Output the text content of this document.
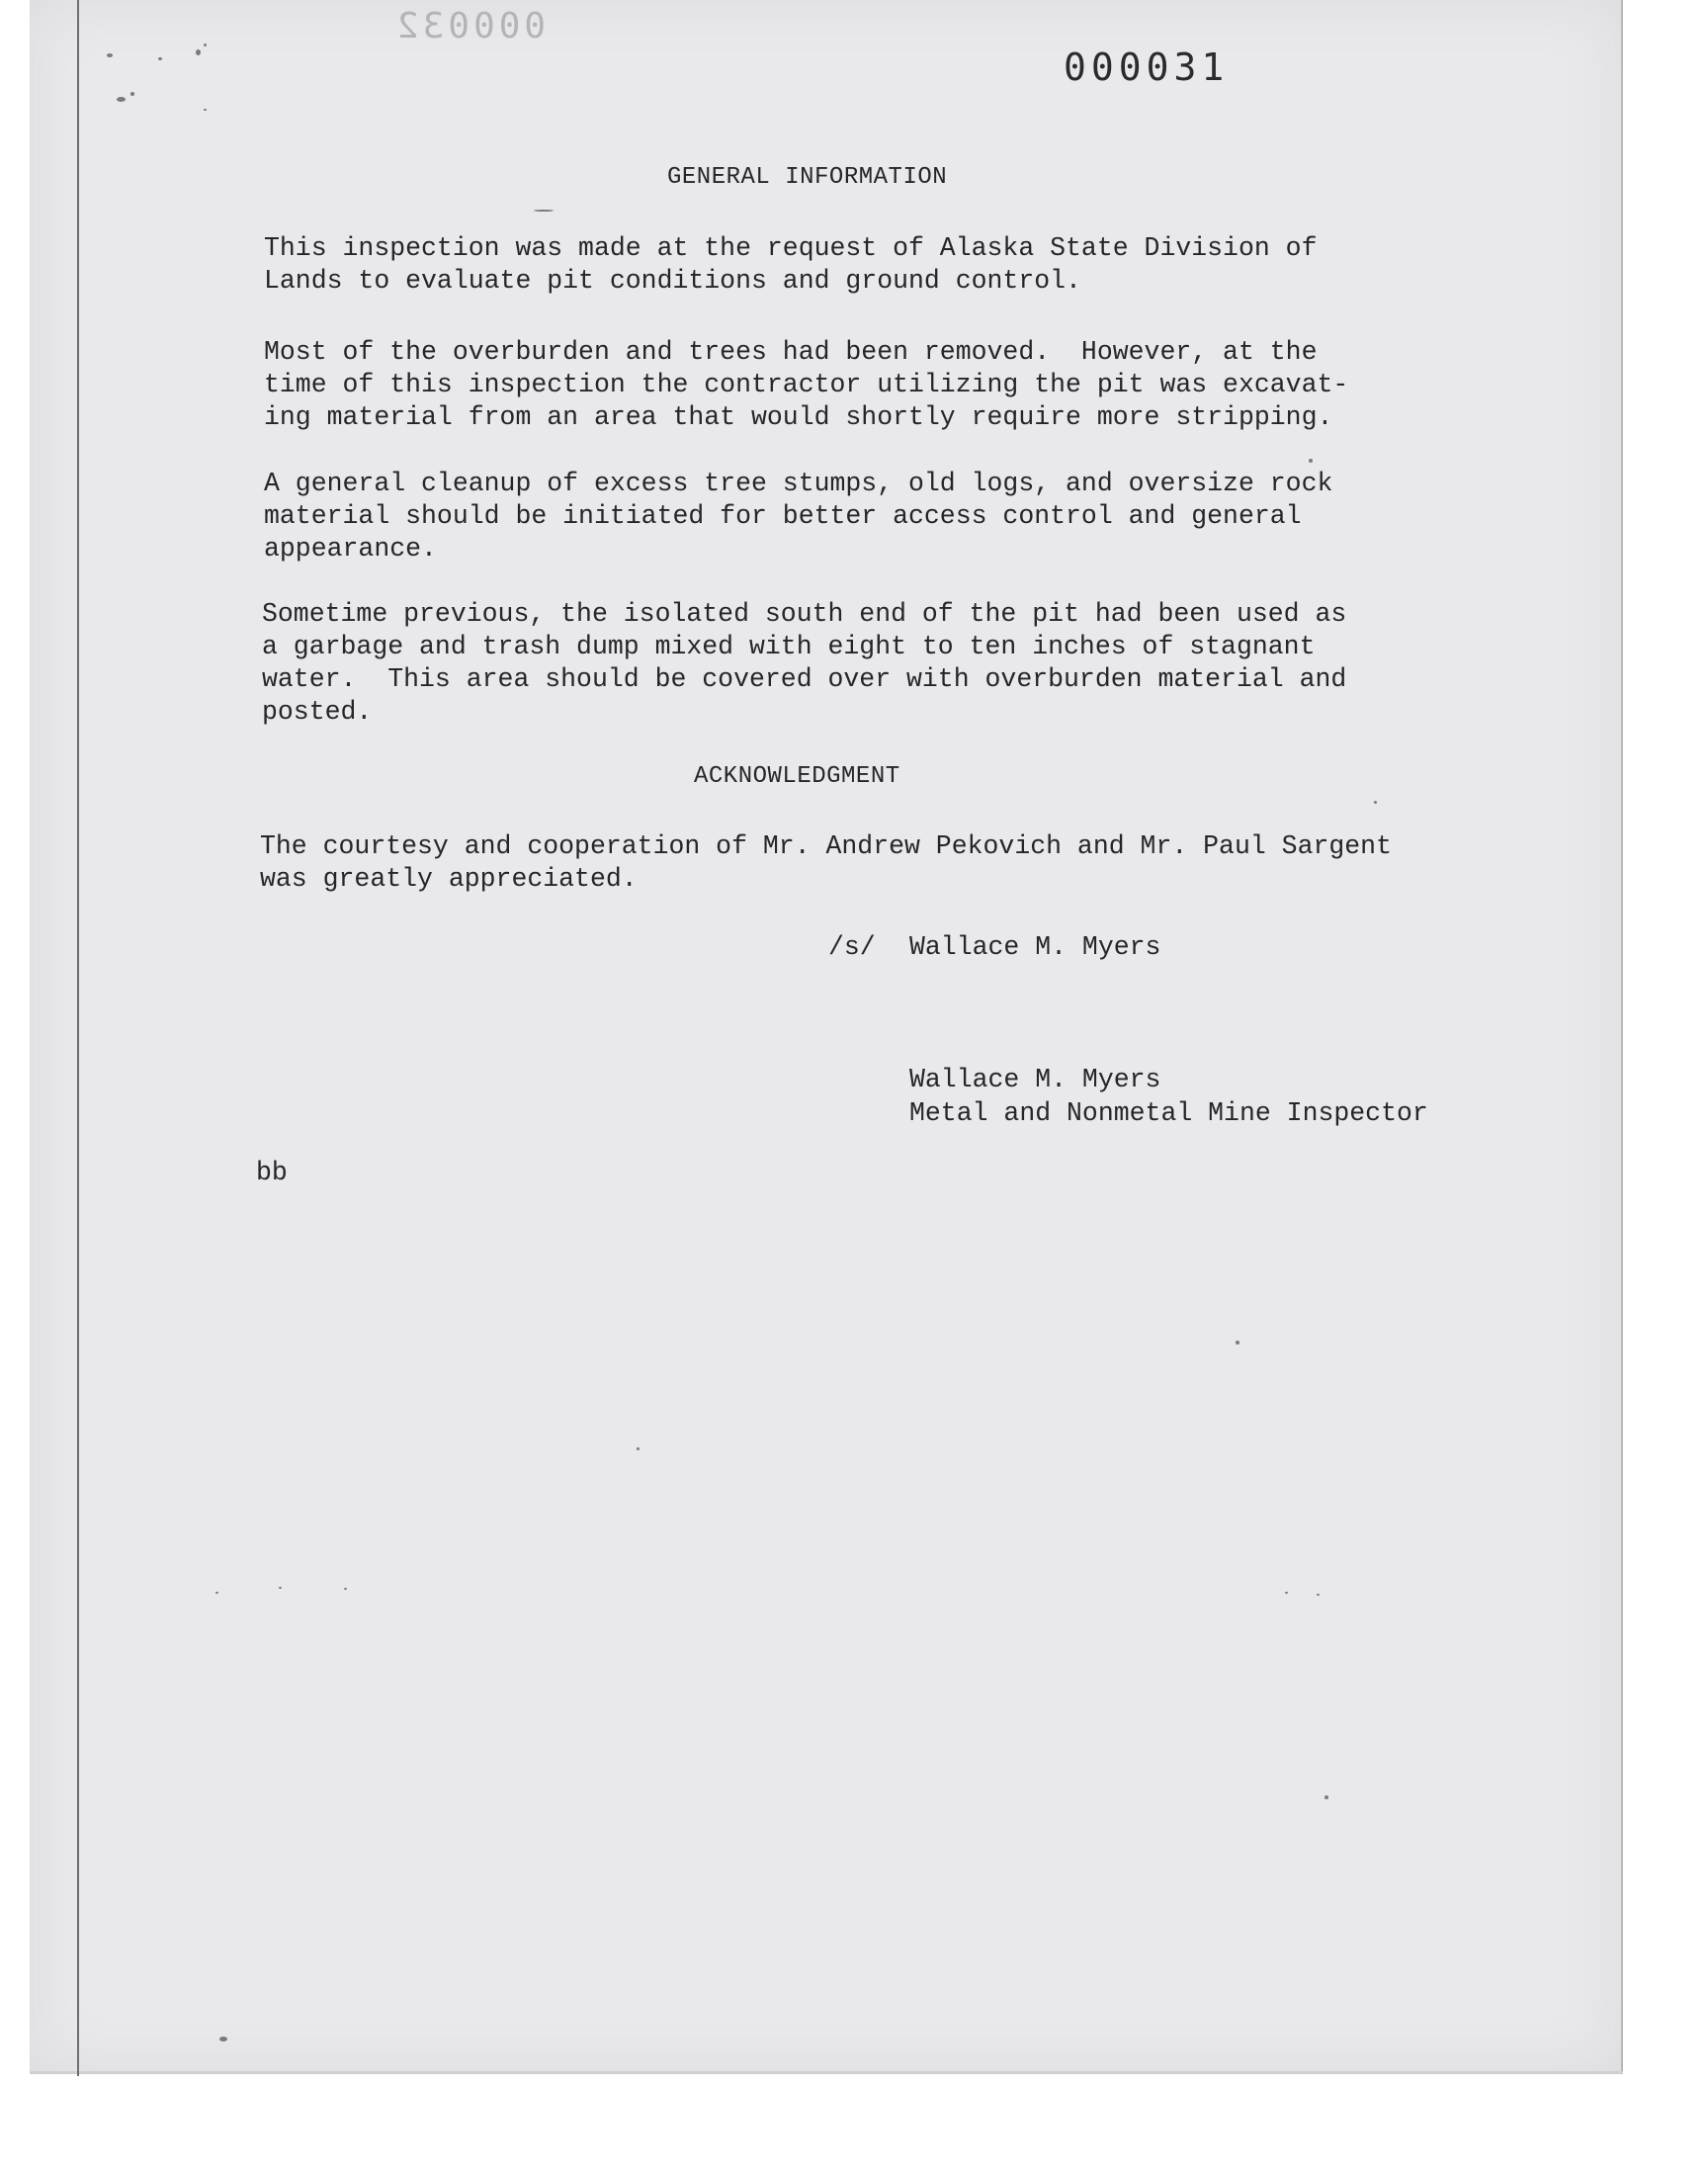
000032
000031
GENERAL INFORMATION
This inspection was made at the request of Alaska State Division of
Lands to evaluate pit conditions and ground control.
Most of the overburden and trees had been removed.  However, at the
time of this inspection the contractor utilizing the pit was excavat-
ing material from an area that would shortly require more stripping.
A general cleanup of excess tree stumps, old logs, and oversize rock
material should be initiated for better access control and general
appearance.
Sometime previous, the isolated south end of the pit had been used as
a garbage and trash dump mixed with eight to ten inches of stagnant
water.  This area should be covered over with overburden material and
posted.
ACKNOWLEDGMENT
The courtesy and cooperation of Mr. Andrew Pekovich and Mr. Paul Sargent
was greatly appreciated.
/s/ Wallace M. Myers
Wallace M. Myers
Metal and Nonmetal Mine Inspector
bb
